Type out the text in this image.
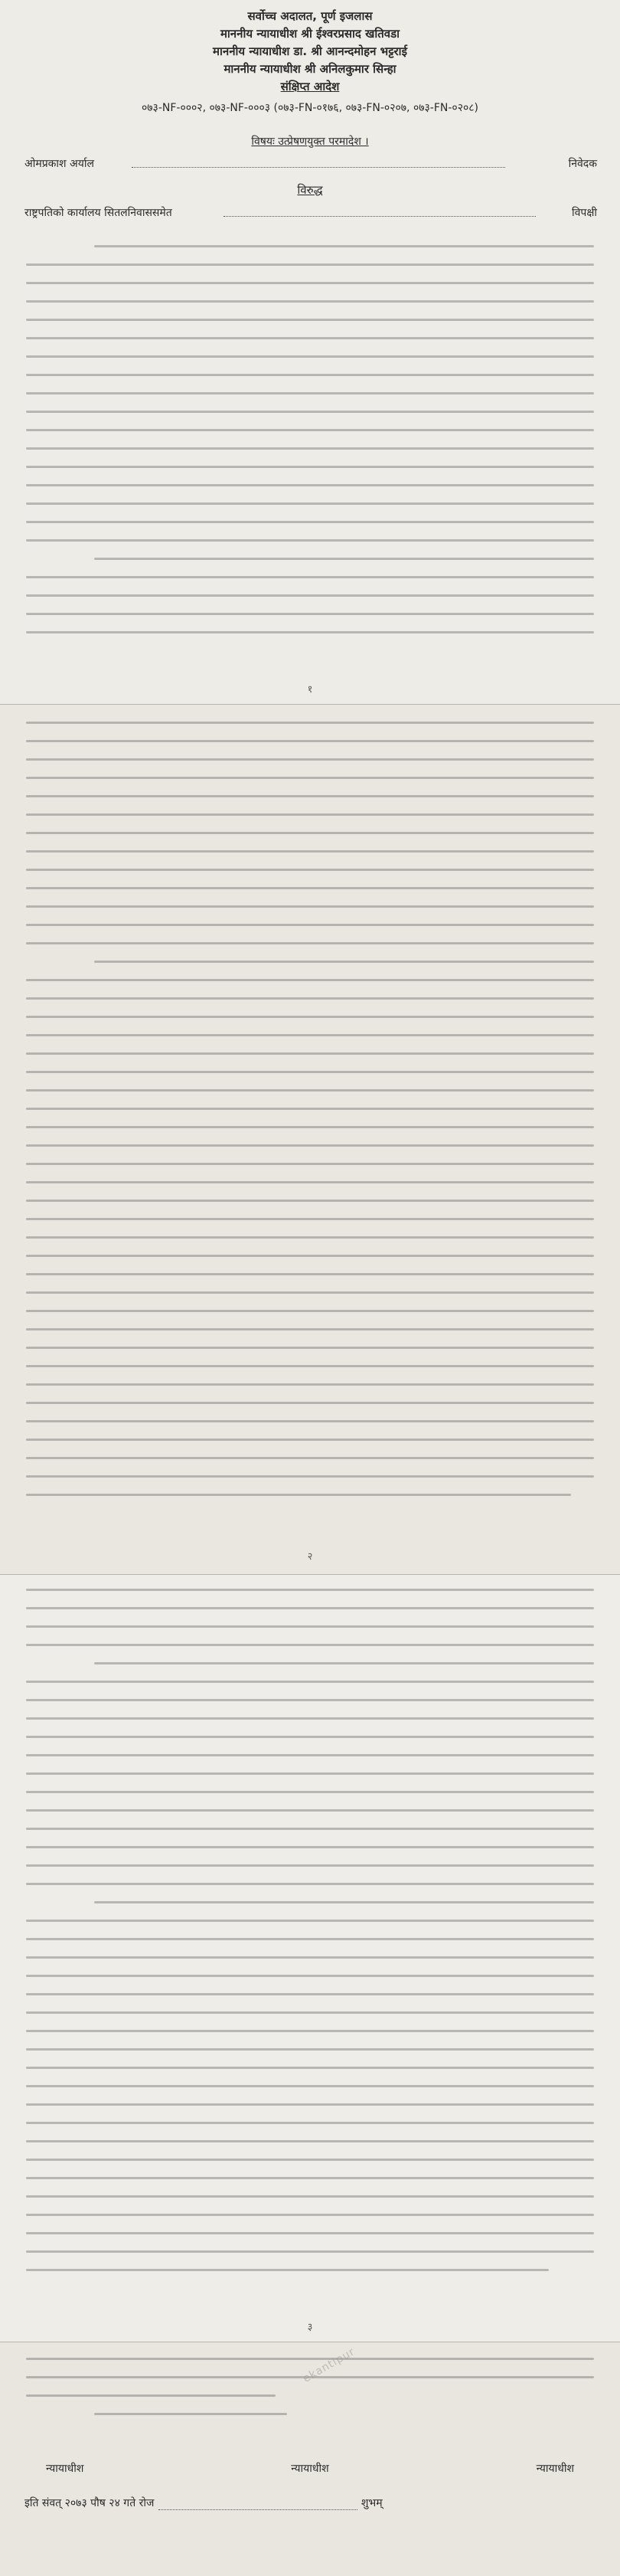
सर्वोच्च अदालत, पूर्ण इजलास
माननीय न्यायाधीश श्री ईश्वरप्रसाद खतिवडा
माननीय न्यायाधीश डा. श्री आनन्दमोहन भट्टराई
माननीय न्यायाधीश श्री अनिलकुमार सिन्हा
संक्षिप्त आदेश
०७३-NF-०००२, ०७३-NF-०००३ (०७३-FN-०१७६, ०७३-FN-०२०७, ०७३-FN-०२०८)
विषयः उत्प्रेषणयुक्त परमादेश ।
ओमप्रकाश अर्याल	निवेदक
विरुद्ध
राष्ट्रपतिको कार्यालय सितलनिवाससमेत	विपक्षी
१
२
३
ekantipur
न्यायाधीश	न्यायाधीश	न्यायाधीश
इति संवत् २०७३ पौष २४ गते रोज	शुभम्
